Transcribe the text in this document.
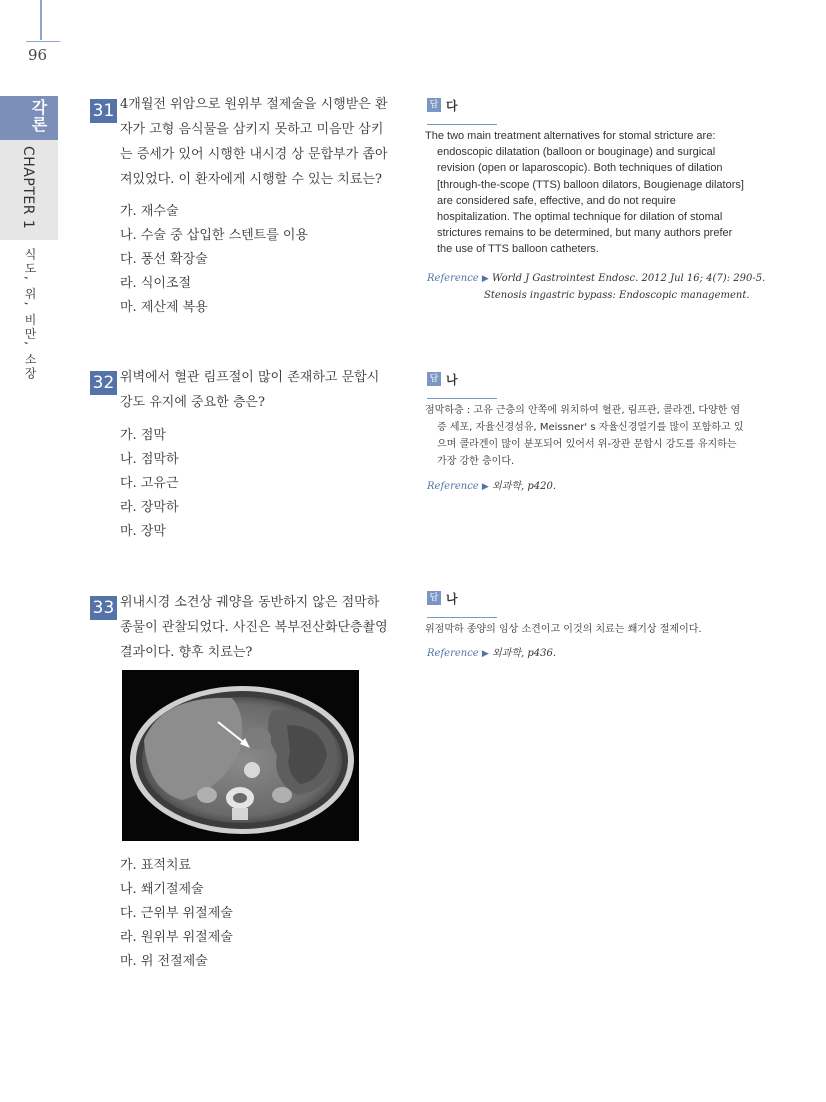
96
각론
CHAPTER 1
식도, 위, 비만, 소장
31 4개월전 위암으로 원위부 절제술을 시행받은 환자가 고형 음식물을 삼키지 못하고 미음만 삼키는 증세가 있어 시행한 내시경 상 문합부가 좁아져있었다. 이 환자에게 시행할 수 있는 치료는?
가. 재수술
나. 수술 중 삽입한 스텐트를 이용
다. 풍선 확장술
라. 식이조절
마. 제산제 복용
답 다

The two main treatment alternatives for stomal stricture are: endoscopic dilatation (balloon or bouginage) and surgical revision (open or laparoscopic). Both techniques of dilation [through-the-scope (TTS) balloon dilators, Bougienage dilators] are considered safe, effective, and do not require hospitalization. The optimal technique for dilation of stomal strictures remains to be determined, but many authors prefer the use of TTS balloon catheters.

Reference ▶ World J Gastrointest Endosc. 2012 Jul 16; 4(7): 290-5.
Stenosis ingastric bypass: Endoscopic management.
32 위벽에서 혈관 림프절이 많이 존재하고 문합시 강도 유지에 중요한 층은?
가. 점막
나. 점막하
다. 고유근
라. 장막하
마. 장막
답 나

점막하층 : 고유 근층의 안쪽에 위치하여 혈관, 림프관, 콜라겐, 다양한 염증 세포, 자율신경섬유, Meissner' s 자율신경얼기를 많이 포함하고 있으며 콜라겐이 많이 분포되어 있어서 위-장관 문합시 강도를 유지하는 가장 강한 층이다.

Reference ▶ 외과학, p420.
33 위내시경 소견상 궤양을 동반하지 않은 점막하 종물이 관찰되었다. 사진은 복부전산화단층촬영 결과이다. 향후 치료는?
가. 표적치료
나. 쐐기절제술
다. 근위부 위절제술
라. 원위부 위절제술
마. 위 전절제술
답 나

위점막하 종양의 임상 소견이고 이것의 치료는 쐐기상 절제이다.

Reference ▶ 외과학, p436.
